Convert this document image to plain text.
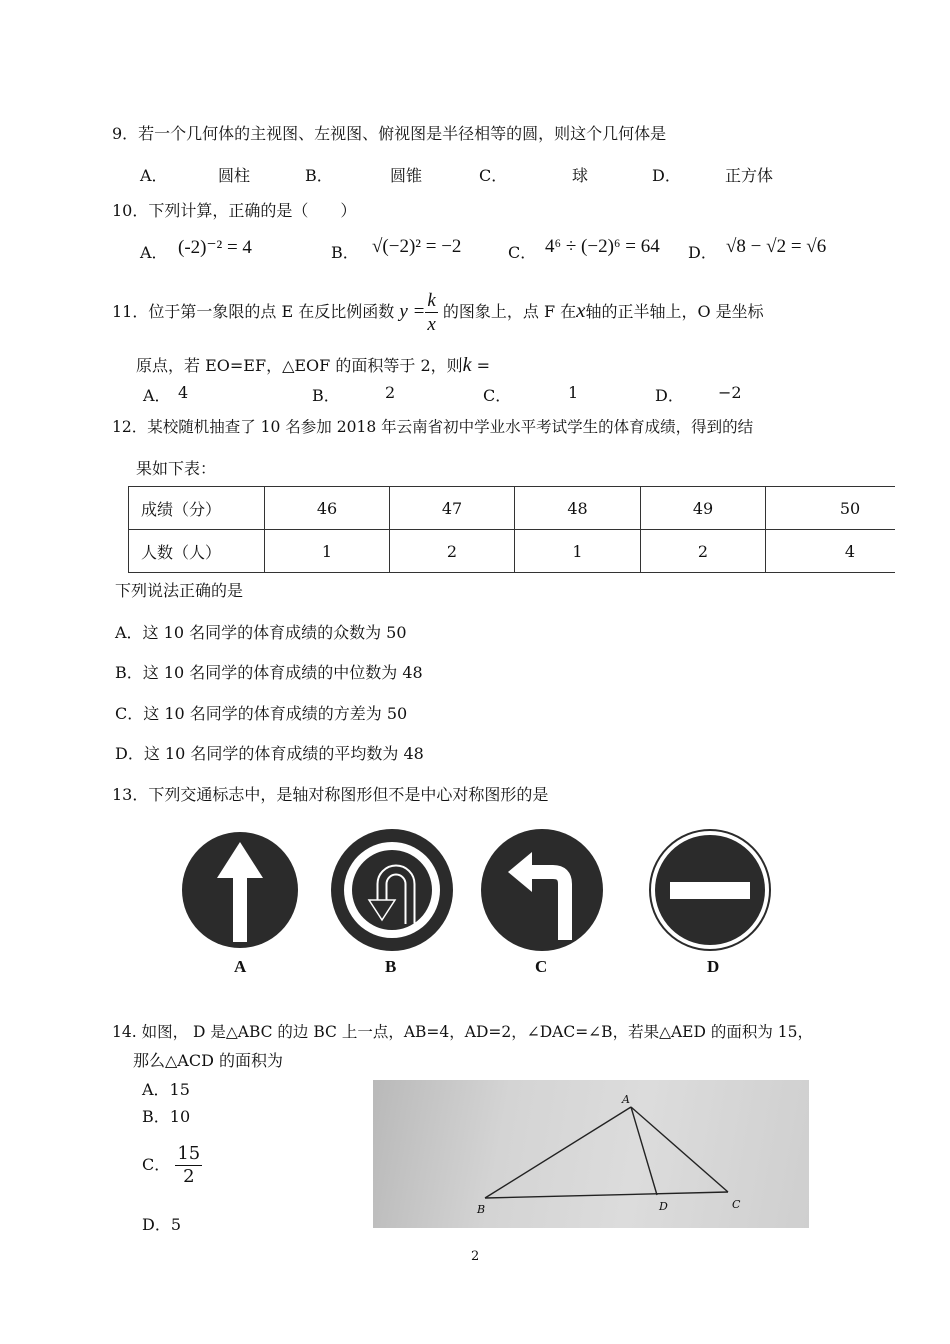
9．若一个几何体的主视图、左视图、俯视图是半径相等的圆，则这个几何体是
A．	圆柱	B．	圆锥	C．	球	D．	正方体
10．下列计算，正确的是（　　）
A． (-2)⁻² = 4	B． √(−2)² = −2	C． 4⁶ ÷ (−2)⁶ = 64 D． √8 − √2 = √6
11．位于第一象限的点 E 在反比例函数 $y = \frac{k}{x}$ 的图象上，点 F 在x轴的正半轴上，O 是坐标
原点，若 EO=EF，△EOF 的面积等于 2，则k =
A． 4	B．	2	C．	1	D． −2
12．某校随机抽查了 10 名参加 2018 年云南省初中学业水平考试学生的体育成绩，得到的结
果如下表：
成绩（分）	46	47	48	49	50
人数（人）	1	2	1	2	4
下列说法正确的是
A．这 10 名同学的体育成绩的众数为 50
B．这 10 名同学的体育成绩的中位数为 48
C．这 10 名同学的体育成绩的方差为 50
D．这 10 名同学的体育成绩的平均数为 48
13．下列交通标志中，是轴对称图形但不是中心对称图形的是
A	B	C	D
14. 如图， D 是△ABC 的边 BC 上一点，AB=4，AD=2，∠DAC=∠B，若果△AED 的面积为 15，
那么△ACD 的面积为
A．15
B．10
C． $\frac{15}{2}$
D．5
A
B	C
D
2
